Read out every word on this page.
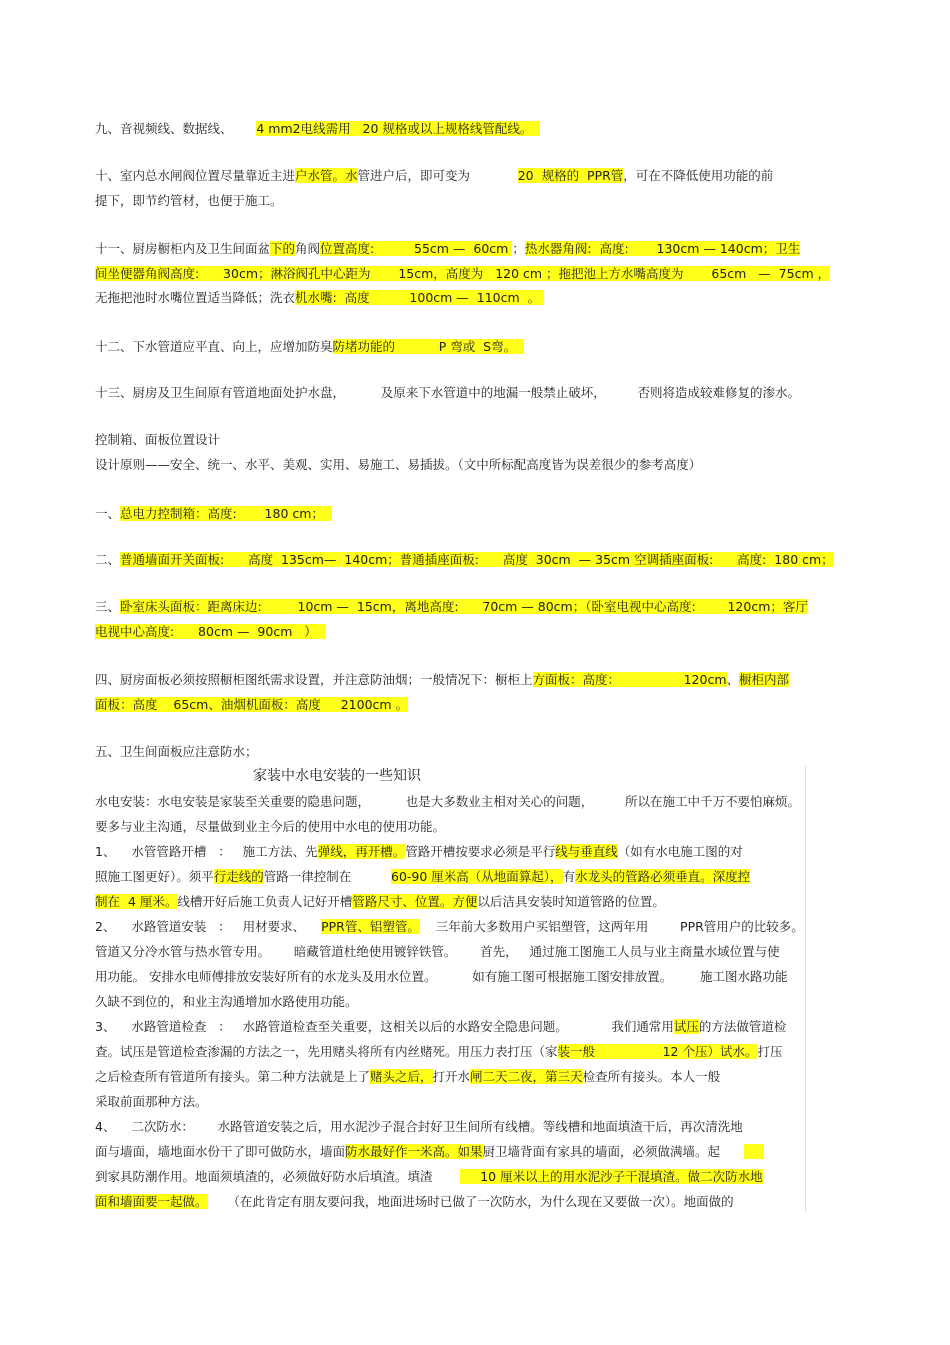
九、音视频线、数据线、      4 mm2电线需用   20 规格或以上规格线管配线。
十、室内总水闸阀位置尽量靠近主进户水管。水管进户后，即可变为            20  规格的  PPR管，可在不降低使用功能的前
提下，即节约管材，也便于施工。
十一、厨房橱柜内及卫生间面盆下的角阀位置高度:          55cm —  60cm ；热水器角阀:  高度:       130cm — 140cm；卫生
间坐便器角阀高度:      30cm；淋浴阀孔中心距为       15cm，高度为   120 cm ；拖把池上方水嘴高度为       65cm   —  75cm ，
无拖把池时水嘴位置适当降低；洗衣机水嘴:  高度          100cm —  110cm  。
十二、下水管道应平直、向上，应增加防臭防堵功能的           P 弯或  S弯。
十三、厨房及卫生间原有管道地面处护水盘，         及原来下水管道中的地漏一般禁止破坏，        否则将造成较难修复的渗水。
控制箱、面板位置设计
设计原则——安全、统一、水平、美观、实用、易施工、易插拔。（文中所标配高度皆为误差很少的参考高度）
一、总电力控制箱：高度:       180 cm；
二、普通墙面开关面板:      高度  135cm—  140cm；普通插座面板:      高度  30cm  — 35cm 空调插座面板:      高度:  180 cm；
三、卧室床头面板：距离床边:         10cm —  15cm，离地高度:      70cm — 80cm；（卧室电视中心高度:        120cm；客厅
电视中心高度:      80cm —  90cm   ）
四、厨房面板必须按照橱柜图纸需求设置，并注意防油烟；一般情况下：橱柜上方面板：高度：                120cm、橱柜内部
面板：高度    65cm、油烟机面板：高度     2100cm 。
五、卫生间面板应注意防水；
水电安装：水电安装是家装至关重要的隐患问题，         也是大多数业主相对关心的问题，        所以在施工中千万不要怕麻烦。
要多与业主沟通，尽量做到业主今后的使用中水电的使用功能。
1、    水管管路开槽   ：   施工方法、先弹线，再开槽。管路开槽按要求必须是平行线与垂直线（如有水电施工图的对
照施工图更好）。须平行走线的管路一律控制在          60-90 厘米高（从地面算起），有水龙头的管路必须垂直。深度控
制在  4 厘米。线槽开好后施工负责人记好开槽管路尺寸、位置。方便以后洁具安装时知道管路的位置。
2、    水路管道安装   ：   用材要求、    PPR管、铝塑管。    三年前大多数用户买铝塑管，这两年用        PPR管用户的比较多。
管道又分冷水管与热水管专用。      暗藏管道杜绝使用镀锌铁管。      首先，   通过施工图施工人员与业主商量水域位置与使
用功能。 安排水电师傅排放安装好所有的水龙头及用水位置。         如有施工图可根据施工图安排放置。       施工图水路功能
久缺不到位的，和业主沟通增加水路使用功能。
3、    水路管道检查   ：   水路管道检查至关重要，这相关以后的水路安全隐患问题。           我们通常用试压的方法做管道检
查。试压是管道检查渗漏的方法之一，先用赌头将所有内丝赌死。用压力表打压（家装一般                 12 个压）试水。打压
之后检查所有管道所有接头。第二种方法就是上了赌头之后，打开水闸二天二夜，第三天检查所有接头。本人一般
采取前面那种方法。
4、    二次防水：      水路管道安装之后，用水泥沙子混合封好卫生间所有线槽。等线槽和地面填渣干后，再次清洗地
面与墙面，墙地面水份干了即可做防水，墙面防水最好作一米高。如果厨卫墙背面有家具的墙面，必须做满墙。起
到家具防潮作用。地面须填渣的，必须做好防水后填渣。填渣            10 厘米以上的用水泥沙子干混填渣。做二次防水地
面和墙面要一起做。     （在此肯定有朋友要问我，地面进场时已做了一次防水，为什么现在又要做一次）。地面做的
家装中水电安装的一些知识
